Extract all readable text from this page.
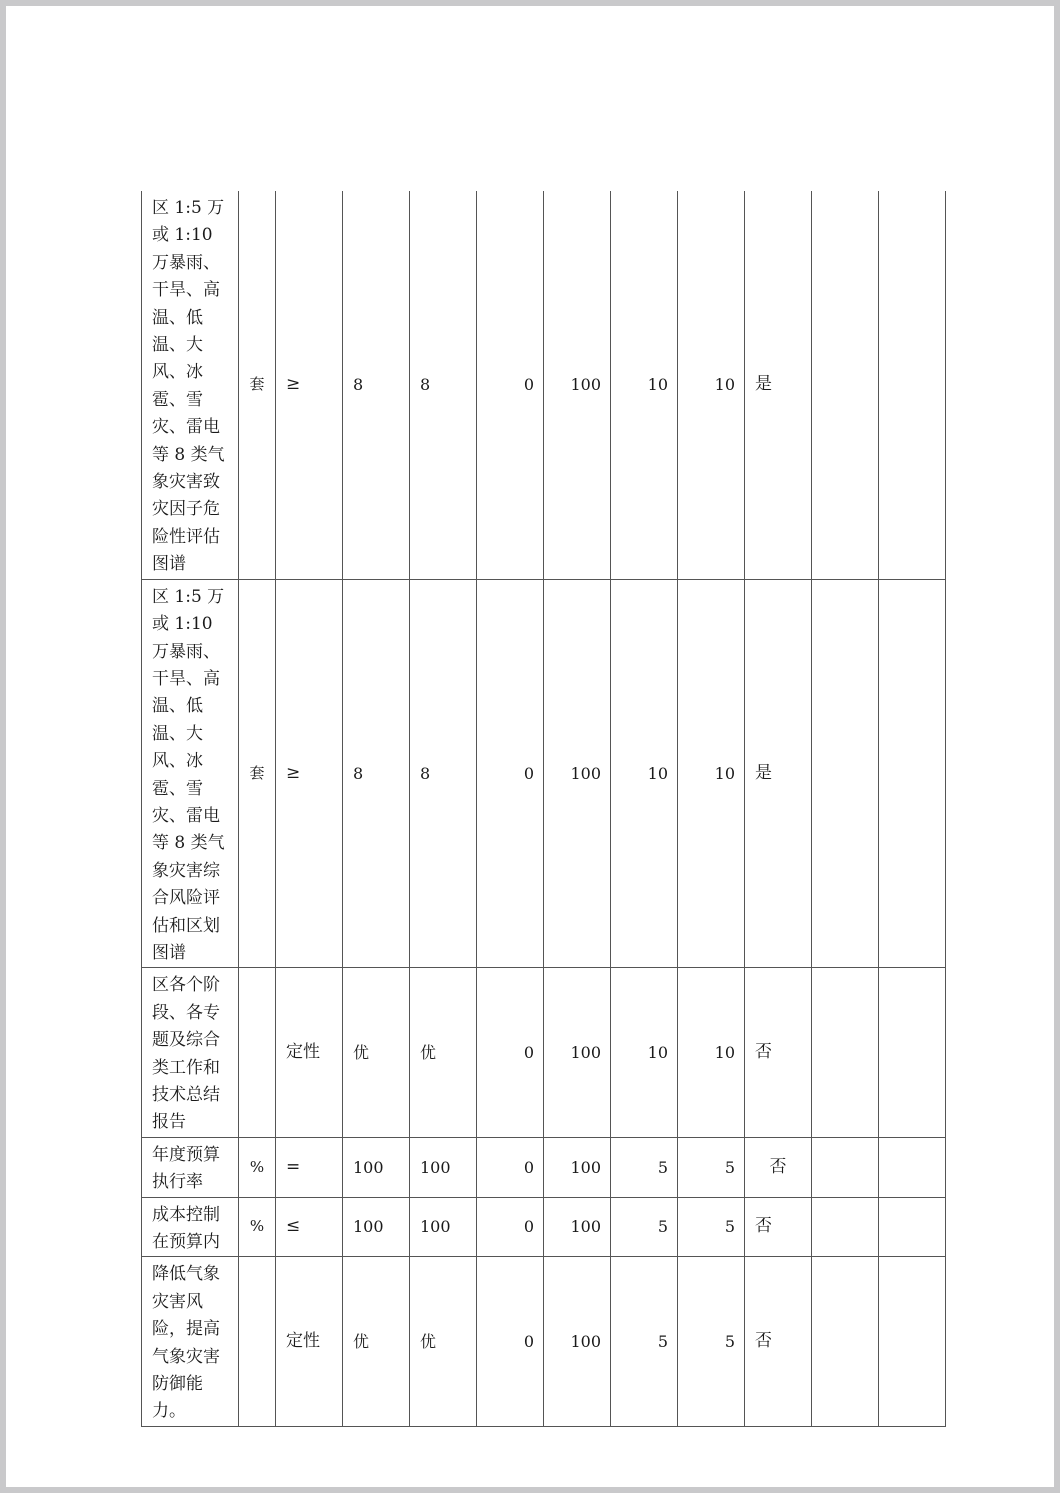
区 1:5 万或 1:10 万暴雨、干旱、高温、低温、大风、冰雹、雪灾、雷电等 8 类气象灾害致灾因子危险性评估图谱	套	≥	8	8	0	100	10	10	是		
区 1:5 万或 1:10 万暴雨、干旱、高温、低温、大风、冰雹、雪灾、雷电等 8 类气象灾害综合风险评估和区划图谱	套	≥	8	8	0	100	10	10	是		
区各个阶段、各专题及综合类工作和技术总结报告		定性	优	优	0	100	10	10	否		
年度预算执行率	%	=	100	100	0	100	5	5	否		
成本控制在预算内	%	≤	100	100	0	100	5	5	否		
降低气象灾害风险，提高气象灾害防御能力。		定性	优	优	0	100	5	5	否		
